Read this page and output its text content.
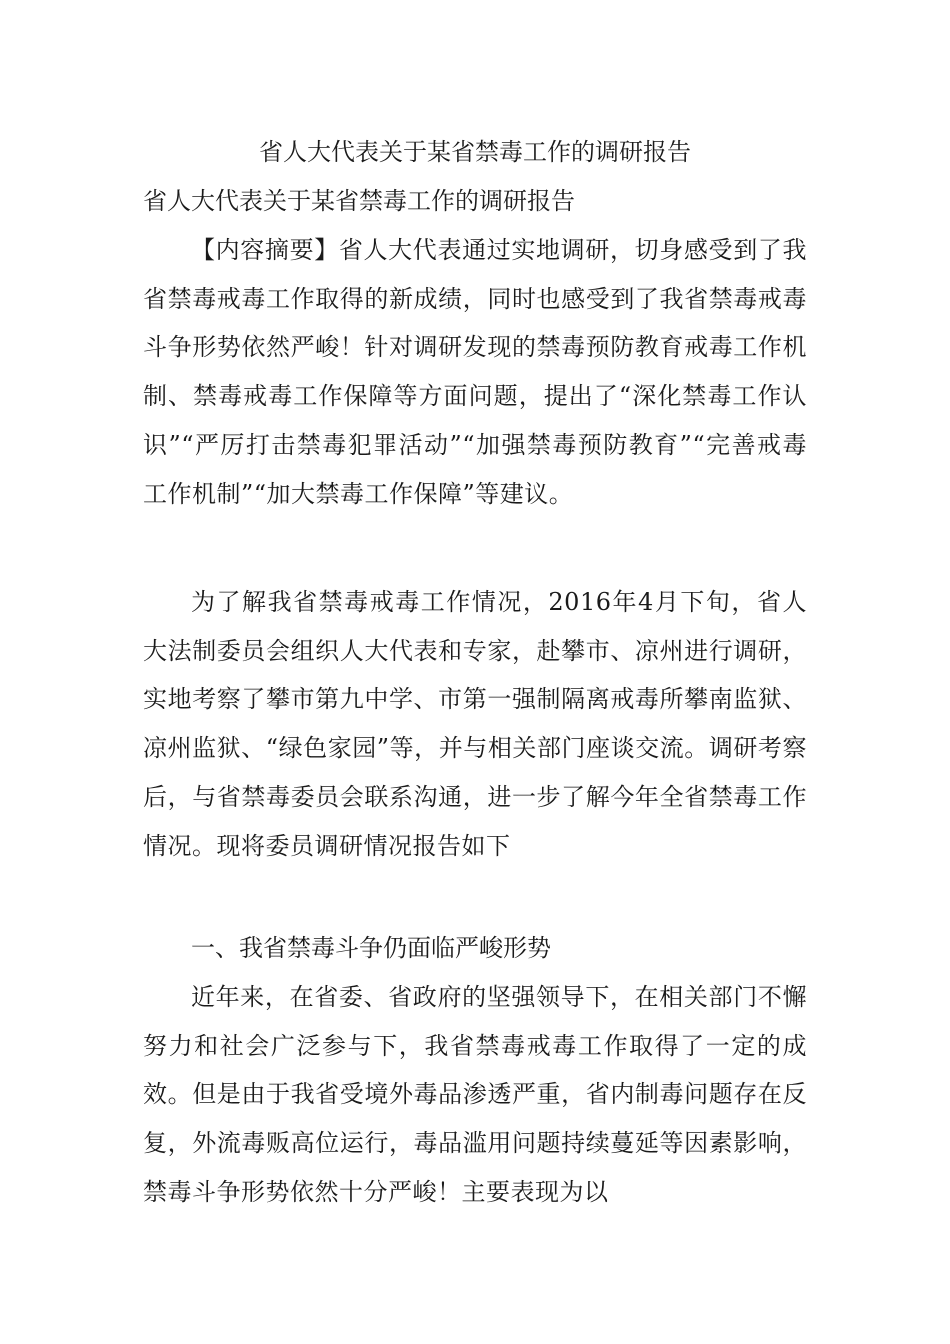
省人大代表关于某省禁毒工作的调研报告

省人大代表关于某省禁毒工作的调研报告

【内容摘要】省人大代表通过实地调研，切身感受到了我省禁毒戒毒工作取得的新成绩，同时也感受到了我省禁毒戒毒斗争形势依然严峻！针对调研发现的禁毒预防教育戒毒工作机制、禁毒戒毒工作保障等方面问题，提出了“深化禁毒工作认识”“严厉打击禁毒犯罪活动”“加强禁毒预防教育”“完善戒毒工作机制”“加大禁毒工作保障”等建议。

为了解我省禁毒戒毒工作情况，2016年4月下旬，省人大法制委员会组织人大代表和专家，赴攀市、凉州进行调研，实地考察了攀市第九中学、市第一强制隔离戒毒所攀南监狱、凉州监狱、“绿色家园”等，并与相关部门座谈交流。调研考察后，与省禁毒委员会联系沟通，进一步了解今年全省禁毒工作情况。现将委员调研情况报告如下

一、我省禁毒斗争仍面临严峻形势

近年来，在省委、省政府的坚强领导下，在相关部门不懈努力和社会广泛参与下，我省禁毒戒毒工作取得了一定的成效。但是由于我省受境外毒品渗透严重，省内制毒问题存在反复，外流毒贩高位运行，毒品滥用问题持续蔓延等因素影响，禁毒斗争形势依然十分严峻！主要表现为以
